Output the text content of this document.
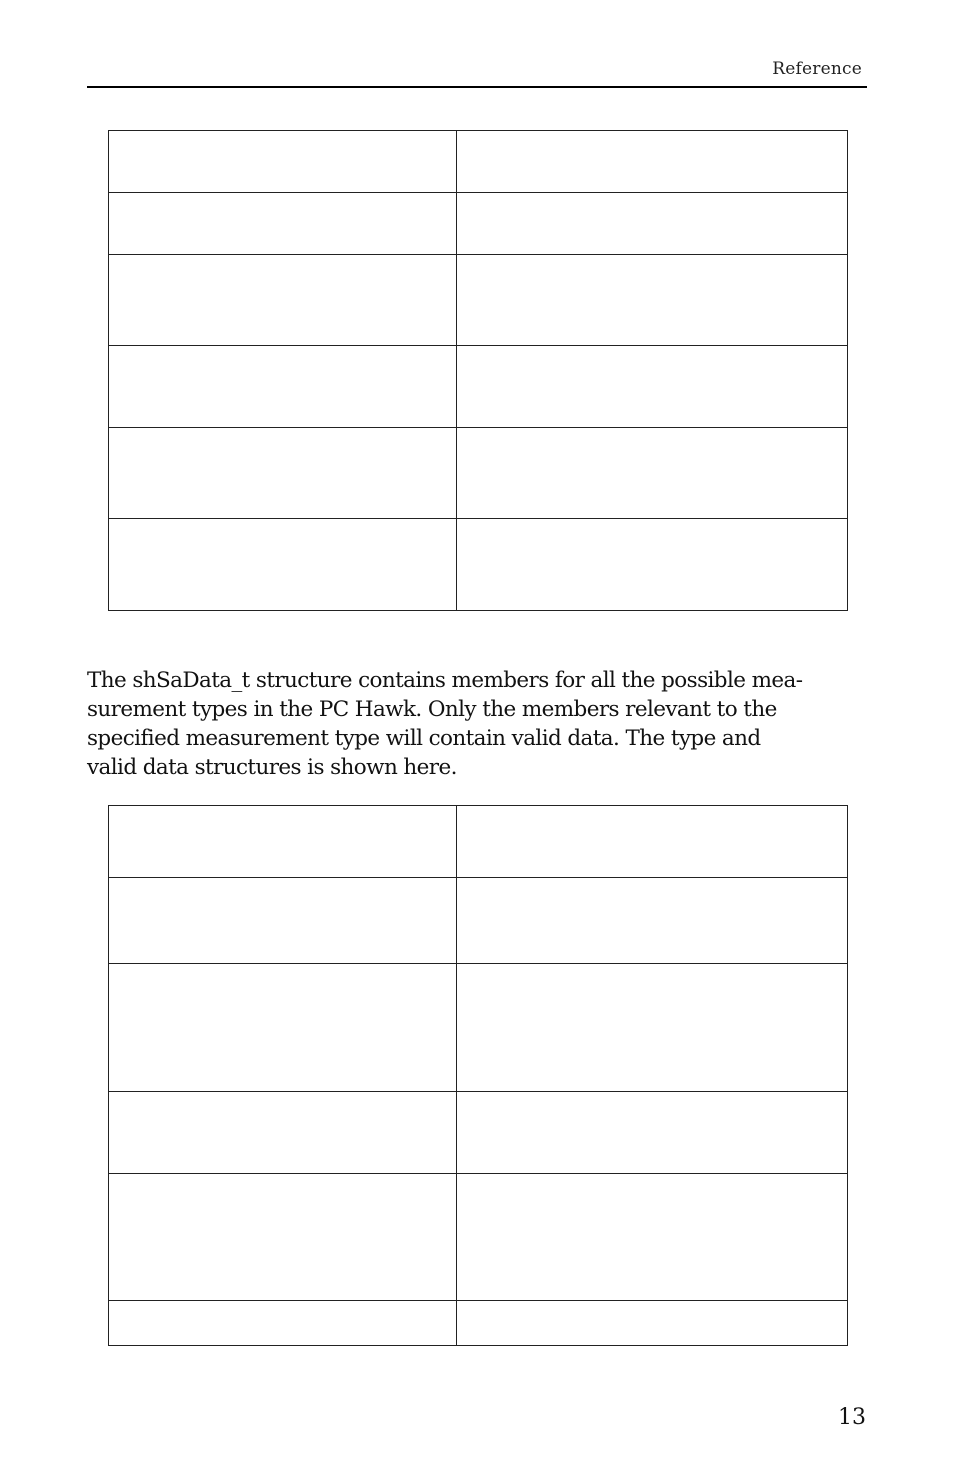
Reference

The shSaData_t structure contains members for all the possible mea-
surement types in the PC Hawk. Only the members relevant to the
specified measurement type will contain valid data. The type and
valid data structures is shown here.

13
